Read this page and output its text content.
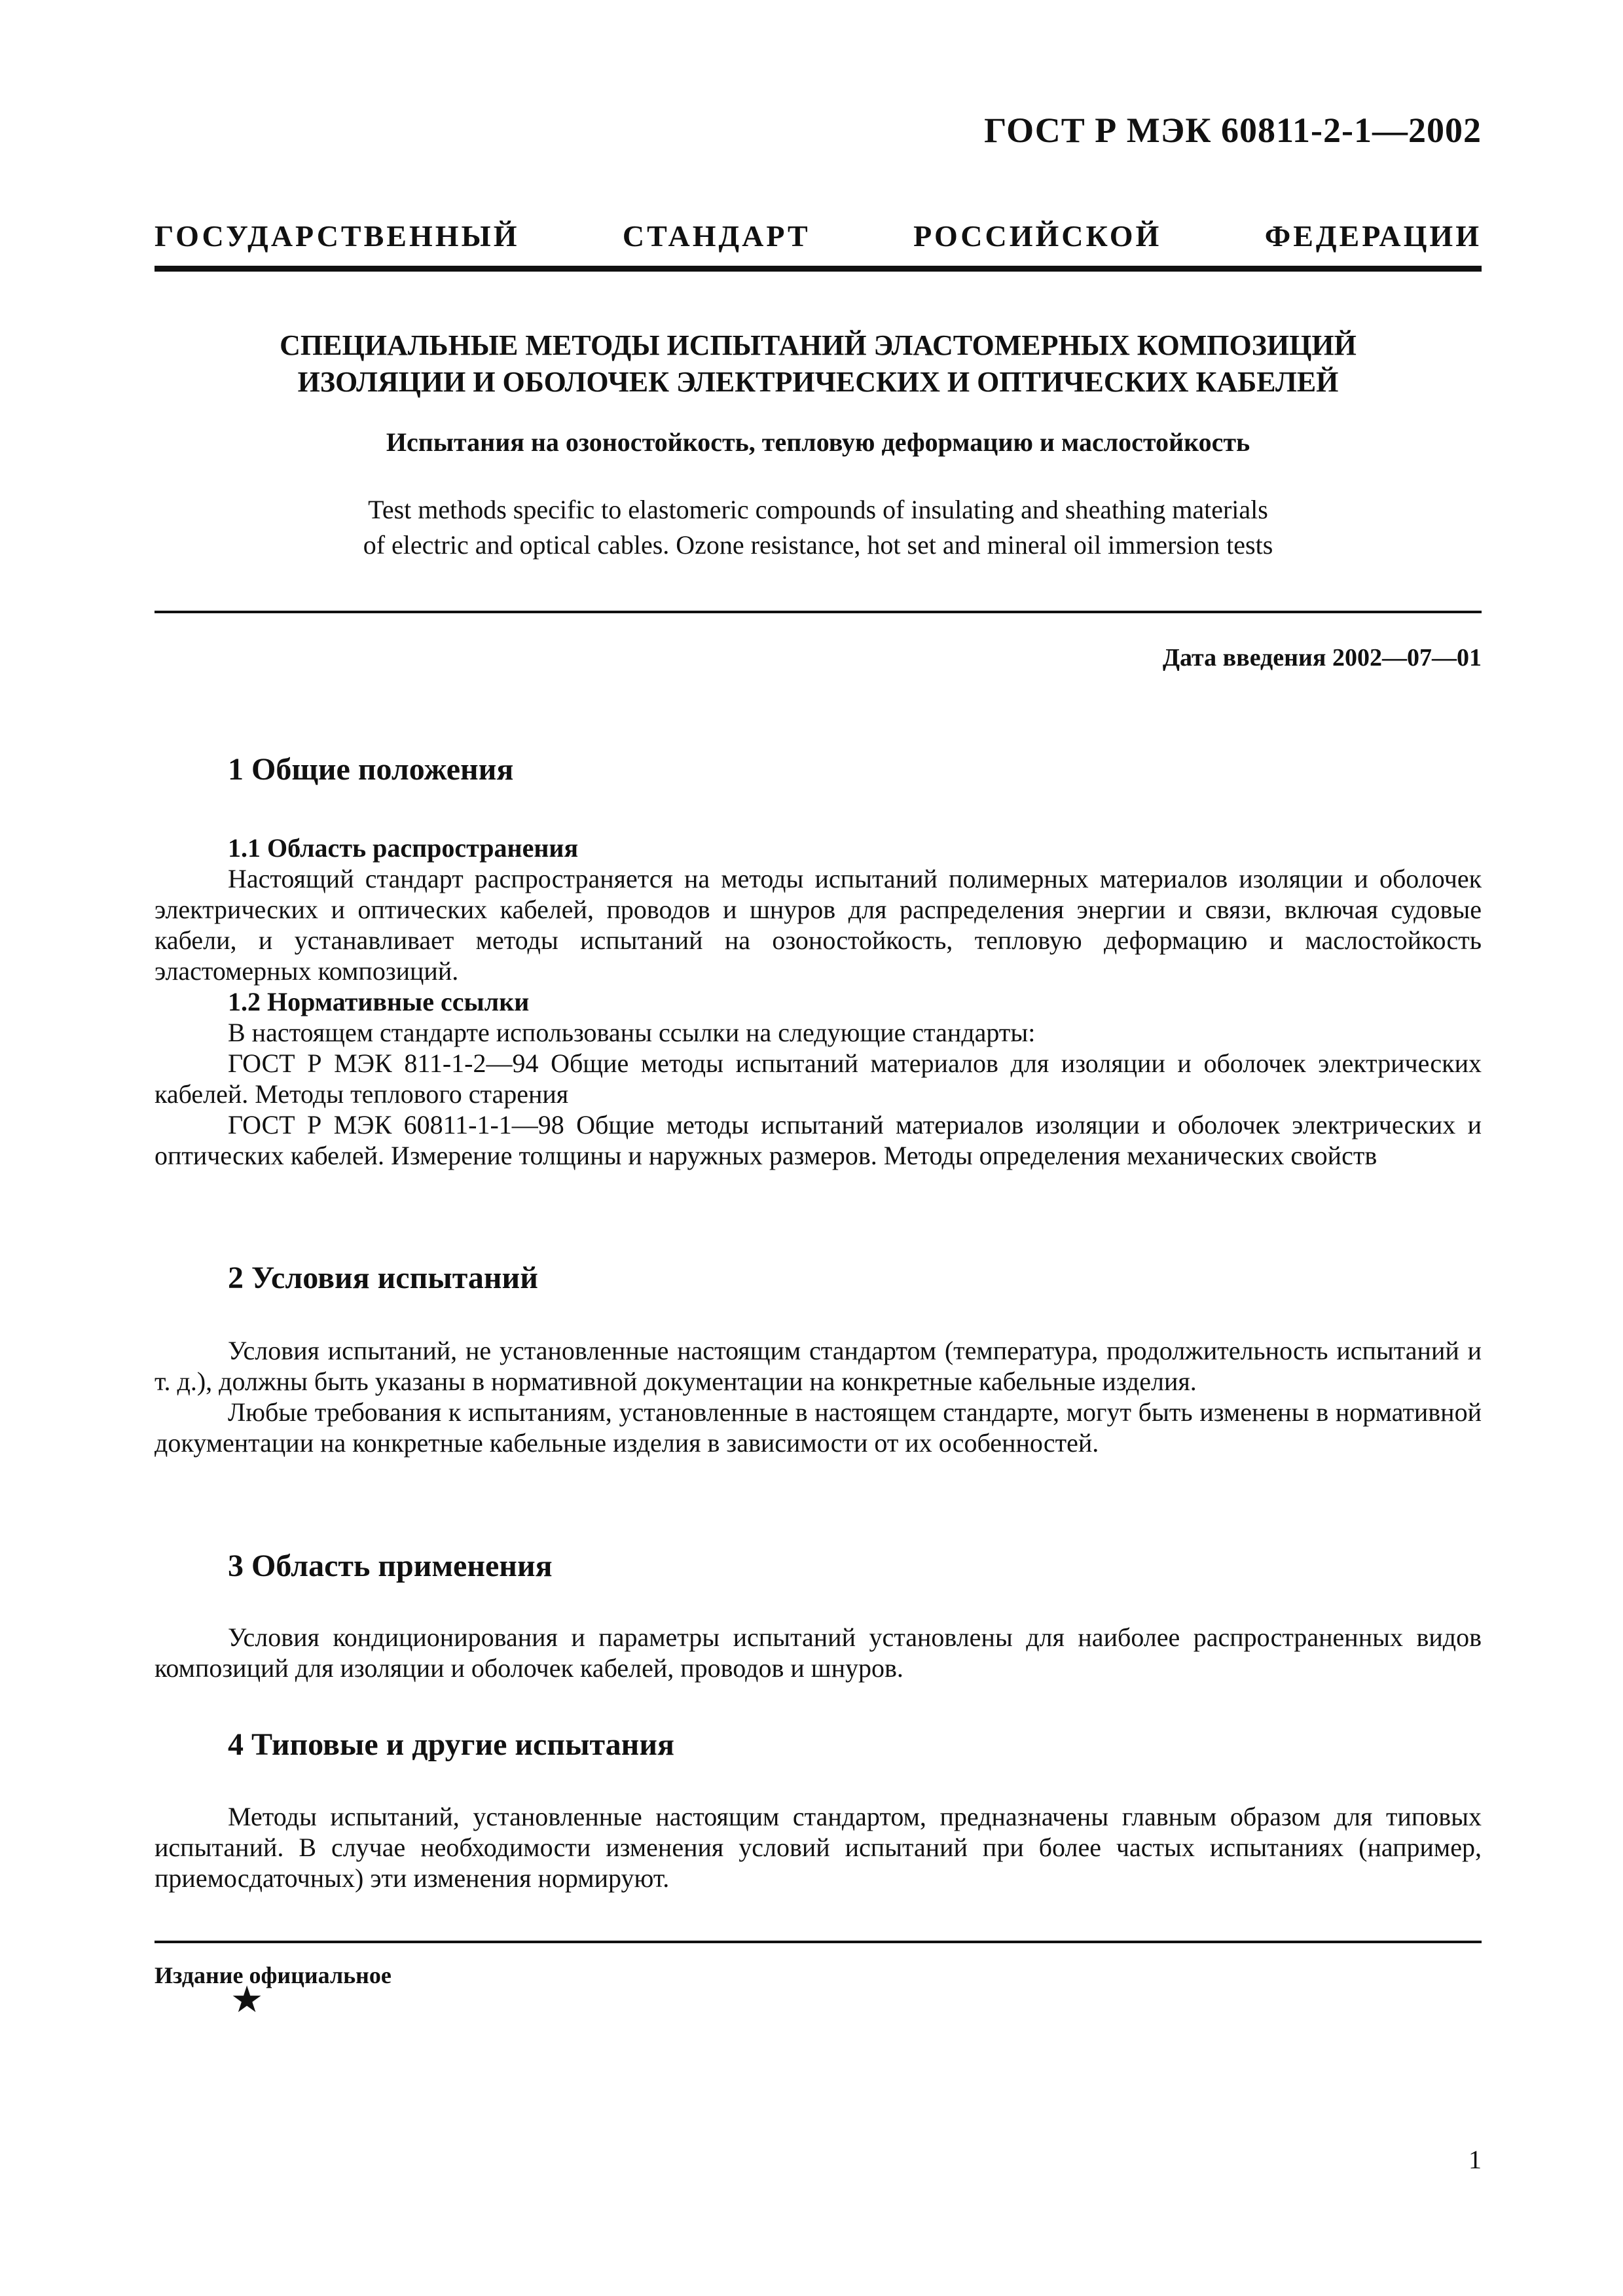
ГОСТ Р МЭК 60811-2-1—2002
ГОСУДАРСТВЕННЫЙ СТАНДАРТ РОССИЙСКОЙ ФЕДЕРАЦИИ
СПЕЦИАЛЬНЫЕ МЕТОДЫ ИСПЫТАНИЙ ЭЛАСТОМЕРНЫХ КОМПОЗИЦИЙ
ИЗОЛЯЦИИ И ОБОЛОЧЕК ЭЛЕКТРИЧЕСКИХ И ОПТИЧЕСКИХ КАБЕЛЕЙ
Испытания на озоностойкость, тепловую деформацию и маслостойкость
Test methods specific to elastomeric compounds of insulating and sheathing materials
of electric and optical cables. Ozone resistance, hot set and mineral oil immersion tests
Дата введения 2002—07—01
1 Общие положения
1.1 Область распространения

Настоящий стандарт распространяется на методы испытаний полимерных материалов изоляции и оболочек электрических и оптических кабелей, проводов и шнуров для распределения энергии и связи, включая судовые кабели, и устанавливает методы испытаний на озоностойкость, тепловую деформацию и маслостойкость эластомерных композиций.

1.2 Нормативные ссылки

В настоящем стандарте использованы ссылки на следующие стандарты:

ГОСТ Р МЭК 811-1-2—94 Общие методы испытаний материалов для изоляции и оболочек электрических кабелей. Методы теплового старения

ГОСТ Р МЭК 60811-1-1—98 Общие методы испытаний материалов изоляции и оболочек электрических и оптических кабелей. Измерение толщины и наружных размеров. Методы определения механических свойств

2 Условия испытаний

Условия испытаний, не установленные настоящим стандартом (температура, продолжительность испытаний и т. д.), должны быть указаны в нормативной документации на конкретные кабельные изделия.

Любые требования к испытаниям, установленные в настоящем стандарте, могут быть изменены в нормативной документации на конкретные кабельные изделия в зависимости от их особенностей.

3 Область применения

Условия кондиционирования и параметры испытаний установлены для наиболее распространенных видов композиций для изоляции и оболочек кабелей, проводов и шнуров.

4 Типовые и другие испытания

Методы испытаний, установленные настоящим стандартом, предназначены главным образом для типовых испытаний. В случае необходимости изменения условий испытаний при более частых испытаниях (например, приемосдаточных) эти изменения нормируют.

Издание официальное
★
1
